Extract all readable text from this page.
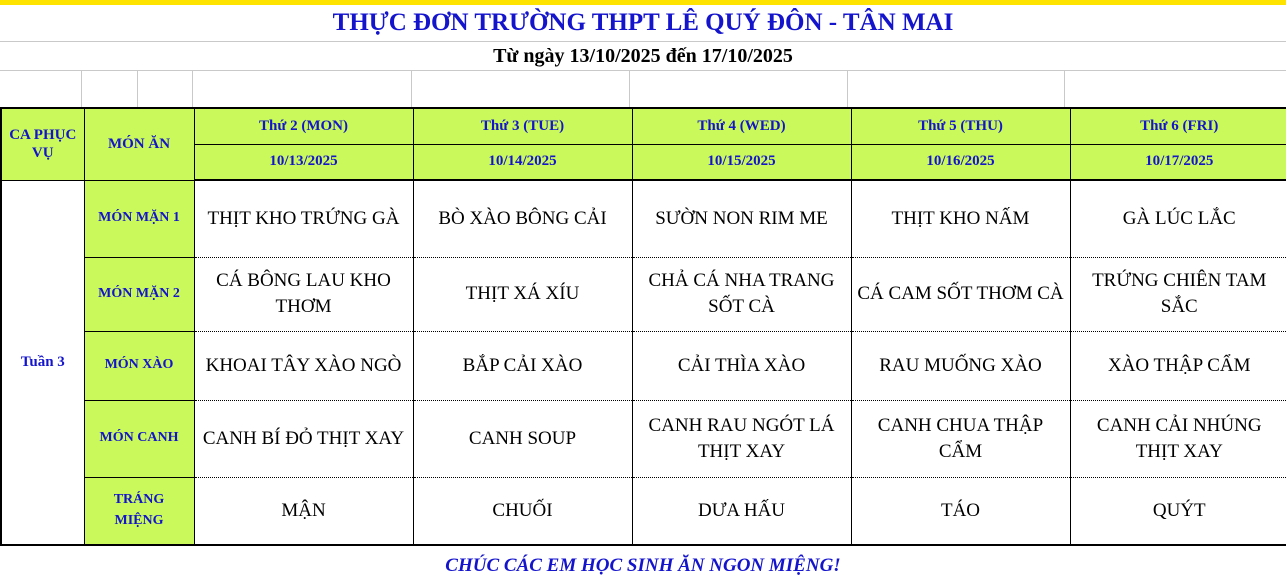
THỰC ĐƠN TRƯỜNG THPT LÊ QUÝ ĐÔN - TÂN MAI
Từ ngày 13/10/2025 đến 17/10/2025
CA PHỤC VỤ	MÓN ĂN	Thứ 2 (MON)	Thứ 3 (TUE)	Thứ 4 (WED)	Thứ 5 (THU)	Thứ 6 (FRI)
		10/13/2025	10/14/2025	10/15/2025	10/16/2025	10/17/2025
Tuần 3	MÓN MẶN 1	THỊT KHO TRỨNG GÀ	BÒ XÀO BÔNG CẢI	SƯỜN NON RIM ME	THỊT KHO NẤM	GÀ LÚC LẮC
	MÓN MẶN 2	CÁ BÔNG LAU KHO THƠM	THỊT XÁ XÍU	CHẢ CÁ NHA TRANG SỐT CÀ	CÁ CAM SỐT THƠM CÀ	TRỨNG CHIÊN TAM SẮC
	MÓN XÀO	KHOAI TÂY XÀO NGÒ	BẮP CẢI XÀO	CẢI THÌA XÀO	RAU MUỐNG XÀO	XÀO THẬP CẨM
	MÓN CANH	CANH BÍ ĐỎ THỊT XAY	CANH SOUP	CANH RAU NGÓT LÁ THỊT XAY	CANH CHUA THẬP CẨM	CANH CẢI NHÚNG THỊT XAY
	TRÁNG MIỆNG	MẬN	CHUỐI	DƯA HẤU	TÁO	QUÝT
CHÚC CÁC EM HỌC SINH ĂN NGON MIỆNG!
